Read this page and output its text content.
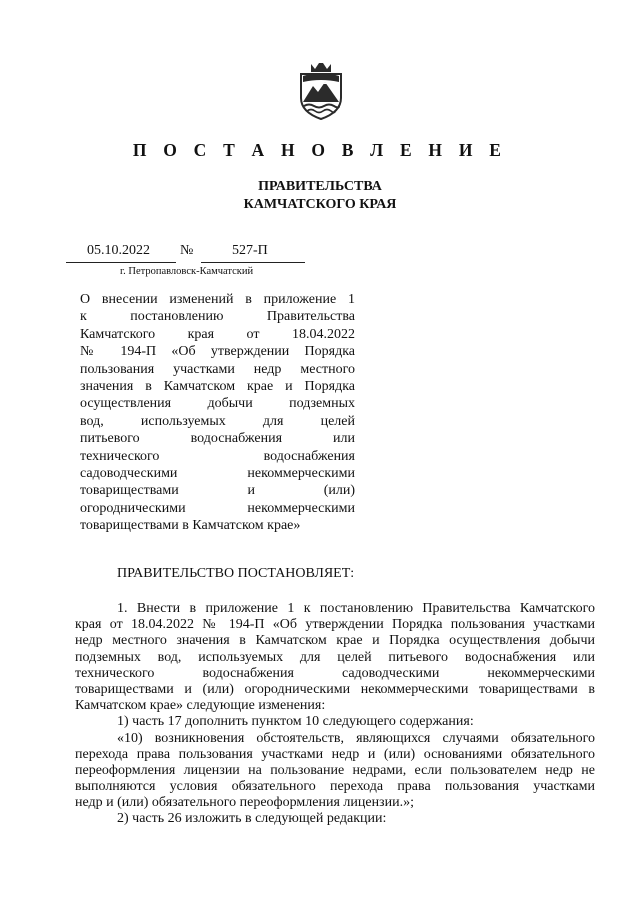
П О С Т А Н О В Л Е Н И Е
ПРАВИТЕЛЬСТВА
КАМЧАТСКОГО КРАЯ
05.10.2022 №	527-П
г. Петропавловск-Камчатский
О внесении изменений в приложение 1
к постановлению Правительства
Камчатского края от 18.04.2022
№ 194-П «Об утверждении Порядка
пользования участками недр местного
значения в Камчатском крае и Порядка
осуществления добычи подземных
вод, используемых для целей
питьевого водоснабжения или
технического водоснабжения
садоводческими некоммерческими
товариществами и (или)
огородническими некоммерческими
товариществами в Камчатском крае»
ПРАВИТЕЛЬСТВО ПОСТАНОВЛЯЕТ:
1. Внести в приложение 1 к постановлению Правительства Камчатского
края от 18.04.2022 № 194-П «Об утверждении Порядка пользования участками
недр местного значения в Камчатском крае и Порядка осуществления добычи
подземных вод, используемых для целей питьевого водоснабжения или
технического водоснабжения садоводческими некоммерческими
товариществами и (или) огородническими некоммерческими товариществами в
Камчатском крае» следующие изменения:
1) часть 17 дополнить пунктом 10 следующего содержания:
«10) возникновения обстоятельств, являющихся случаями обязательного
перехода права пользования участками недр и (или) основаниями обязательного
переоформления лицензии на пользование недрами, если пользователем недр не
выполняются условия обязательного перехода права пользования участками
недр и (или) обязательного переоформления лицензии.»;
2) часть 26 изложить в следующей редакции:
